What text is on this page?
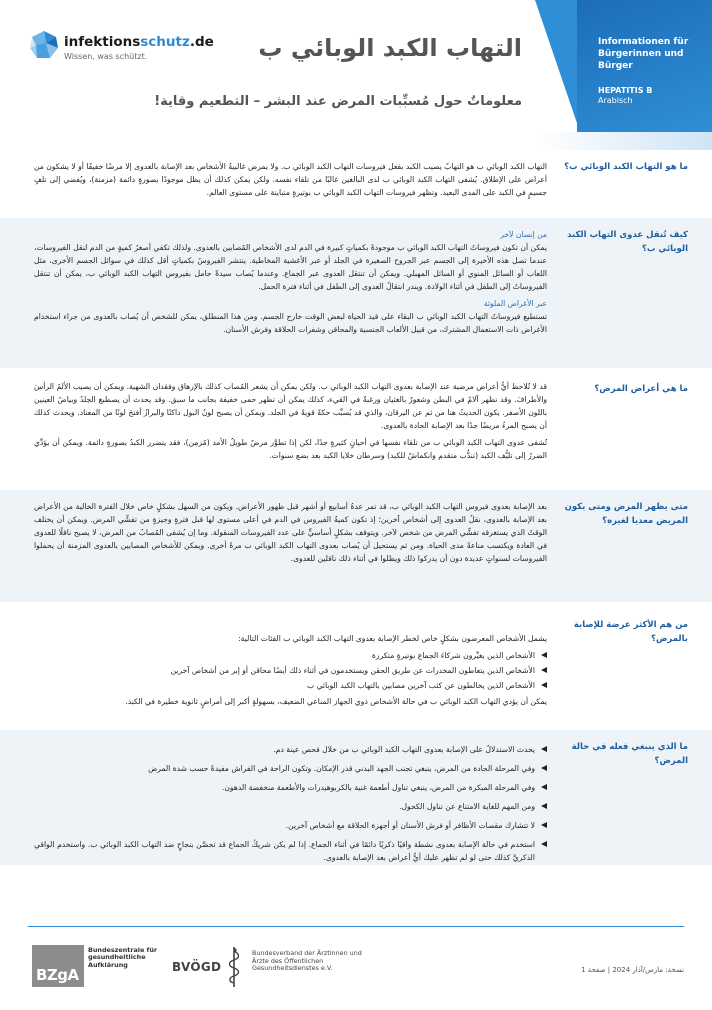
Informationen für
Bürgerinnen und Bürger
HEPATITIS B
Arabisch
infektionsschutz.de
Wissen, was schützt.	التهاب الكبد الوبائي ب
معلوماتٌ حول مُسبِّبات المرض عند البشر – التطعيم وقاية!
ما هو التهاب الكبد الوبائي ب؟

التهاب الكبد الوبائي ب هو التهابٌ يصيب الكبد بفعل فيروسات التهاب الكبد الوبائي ب. ولا يمرض غالبيةُ الأشخاص بعد الإصابة بالعدوى إلا مرضًا خفيفًا أو لا يشكون من أعراض على الإطلاق. يُشفى التهاب الكبد الوبائي ب لدى البالغين غالبًا من تلقاء نفسه. ولكن يمكن كذلك أن يظل موجودًا بصورةٍ دائمة (مزمنة)، ويُفضي إلى تلفٍ جسيمٍ في الكبد على المدى البعيد. وتظهر فيروسات التهاب الكبد الوبائي ب بوتيرةٍ متباينة على مستوى العالم.

كيف تُنقل عدوى التهاب الكبد الوبائي ب؟
من إنسان لآخر

يمكن أن تكون فيروساتُ التهاب الكبد الوبائي ب موجودةً بكمياتٍ كبيرة في الدم لدى الأشخاص المُصابين بالعدوى. ولذلك تكفي أصغرُ كميةٍ من الدم لنقل الفيروسات، عندما تصل هذه الأخيرة إلى الجسم عبر الجروح الصغيرة في الجلد أو عبر الأغشية المخاطية. ينتشر الفيروسُ بكمياتٍ أقل كذلك في سوائل الجسم الأخرى، مثل اللعاب أو السائل المنوي أو السائل المهبلي. ويمكن أن تنتقل العدوى عبر الجماع. وعندما يُصاب سيدةٌ حامل بفيروس التهاب الكبد الوبائي ب، يمكن أن تنتقل الفيروساتُ إلى الطفل في أثناء الولادة. ويندر انتقالُ العدوى إلى الطفل في أثناء فترة الحمل.

عبر الأغراض الملوثة

تستطيع فيروساتُ التهاب الكبد الوبائي ب البقاء على قيد الحياة لبعض الوقت خارج الجسم. ومن هذا المنطلق، يمكن للشخص أن يُصاب بالعدوى من جراء استخدام الأغراض ذات الاستعمال المشترك، من قبيل الألعاب الجنسية والمحاقن وشفرات الحلاقة وفرش الأسنان.

ما هي أعراض المرض؟

قد لا تُلاحظ أيُّ أعراض مرضية عند الإصابة بعدوى التهاب الكبد الوبائي ب. ولكن يمكن أن يشعر المُصاب كذلك بالإرهاق وفقدان الشهية. ويمكن أن يصيب الألمُ الرأسَ والأطرافَ. وقد تظهر آلامٌ في البطن وشعورٌ بالغثيان ورغبةٌ في القيء، كذلك يمكن أن تظهر حمى خفيفة بجانب ما سبق. وقد يحدث أن يصطبغ الجلدُ وبياضُ العينين باللون الأصفر. يكون الحديثُ هنا من ثم عن اليرقان، والذي قد يُسبِّب حكةً قويةً في الجلد. ويمكن أن يصبح لونُ البول داكنًا والبرازُ أفتحَ لونًا من المعتاد. ويحدث كذلك أن يصبح المرءُ مريضًا جدًا بعد الإصابة الحادة بالعدوى.

تُشفى عدوى التهاب الكبد الوبائي ب من تلقاء نفسها في أحيانٍ كثيرةٍ جدًا، لكن إذا تطوَّر مرضٌ طويلُ الأمد (مُزمِن)، فقد يتضرر الكبدُ بصورةٍ دائمة. ويمكن أن يؤدِّي الضررُ إلى تليُّف الكبد (تندُّب متقدم وانكماشٌ للكبد) وسرطان خلايا الكبد بعد بضع سنوات.

متى يظهر المرض ومتى يكون
المريض معديا لغيره؟

بعد الإصابة بعدوى فيروس التهاب الكبد الوبائي ب، قد تمر عدةُ أسابيع أو أشهر قبل ظهور الأعراض. ويكون من السهل بشكلٍ خاص خلال الفترة الخالية من الأعراض بعد الإصابة بالعدوى، نقلُ العدوى إلى أشخاص آخرين؛ إذ تكون كميةُ الفيروس في الدم في أعلى مستوى لها قبل فترةٍ وجيزةٍ من تفشِّي المرض. ويمكن أن يختلف الوقتُ الذي يستغرقه تفشِّي المرض من شخص لآخر. ويتوقف بشكلٍ أساسيٍّ على عدد الفيروسات المنقولة. وما إن يُشفى المُصابُ من المرض، لا يصبح ناقلًا للعدوى في العادة ويكتسب مناعةً مدى الحياة. ومن ثم يستحيل أن يُصاب بعدوى التهاب الكبد الوبائي ب مرةً أخرى. ويمكن للأشخاص المصابين بالعدوى المزمنة أن يحملوا الفيروسات لسنواتٍ عديدة دون أن يدركوا ذلك ويظلوا في أثناء ذلك ناقلين للعدوى.

من هم الأكثر عرضة للإصابة بالمرض؟

يشمل الأشخاص المعرضون بشكلٍ خاص لخطر الإصابة بعدوى التهاب الكبد الوبائي ب الفئات التالية:

الأشخاص الذين يغيِّرون شركاءَ الجماع بوتيرةٍ متكررة
الأشخاص الذين يتعاطون المخدرات عن طريق الحقن ويستخدمون في أثناء ذلك أيضًا محاقن أو إبر من أشخاص آخرين
الأشخاص الذين يخالطون عن كثب آخرين مصابين بالتهاب الكبد الوبائي ب

يمكن أن يؤدي التهاب الكبد الوبائي ب في حالة الأشخاص ذوي الجهاز المناعي الضعيف، بسهولةٍ أكبر إلى أمراضٍ ثانوية خطيرة في الكبد.

ما الذي ينبغي فعله في حالة المرض؟
يحدث الاستدلالُ على الإصابة بعدوى التهاب الكبد الوبائي ب من خلال فحص عينة دم.
وفي المرحلة الحادة من المرض، ينبغي تجنب الجهد البدني قدر الإمكان. وتكون الراحة في الفراش مفيدةً حسب شدة المرض
وفي المرحلة المبكرة من المرض، ينبغي تناول أطعمة غنية بالكربوهيدرات والأطعمة منخفضة الدهون.
ومن المهم للغاية الامتناع عن تناول الكحول.
لا تتشارك مقصات الأظافر أو فرش الأسنان أو أجهزة الحلاقة مع أشخاص آخرين.
استخدم في حالة الإصابة بعدوى نشطة واقيًا ذكريًا دائمًا في أثناء الجماع. إذا لم يكن شريكُ الجماع قد تحصَّن بنجاحٍ ضد التهاب الكبد الوبائي ب. واستخدم الواقي الذكريَّ كذلك حتى لو لم تظهر عليك أيُّ أعراض بعد الإصابة بالعدوى.
BZgA
Bundeszentrale für gesundheitliche Aufklärung	BVÖGD
Bundesverband der Ärztinnen und Ärzte des Öffentlichen Gesundheitsdienstes e.V.	نسخة: مارس/آذار 2024 | صفحة 1
